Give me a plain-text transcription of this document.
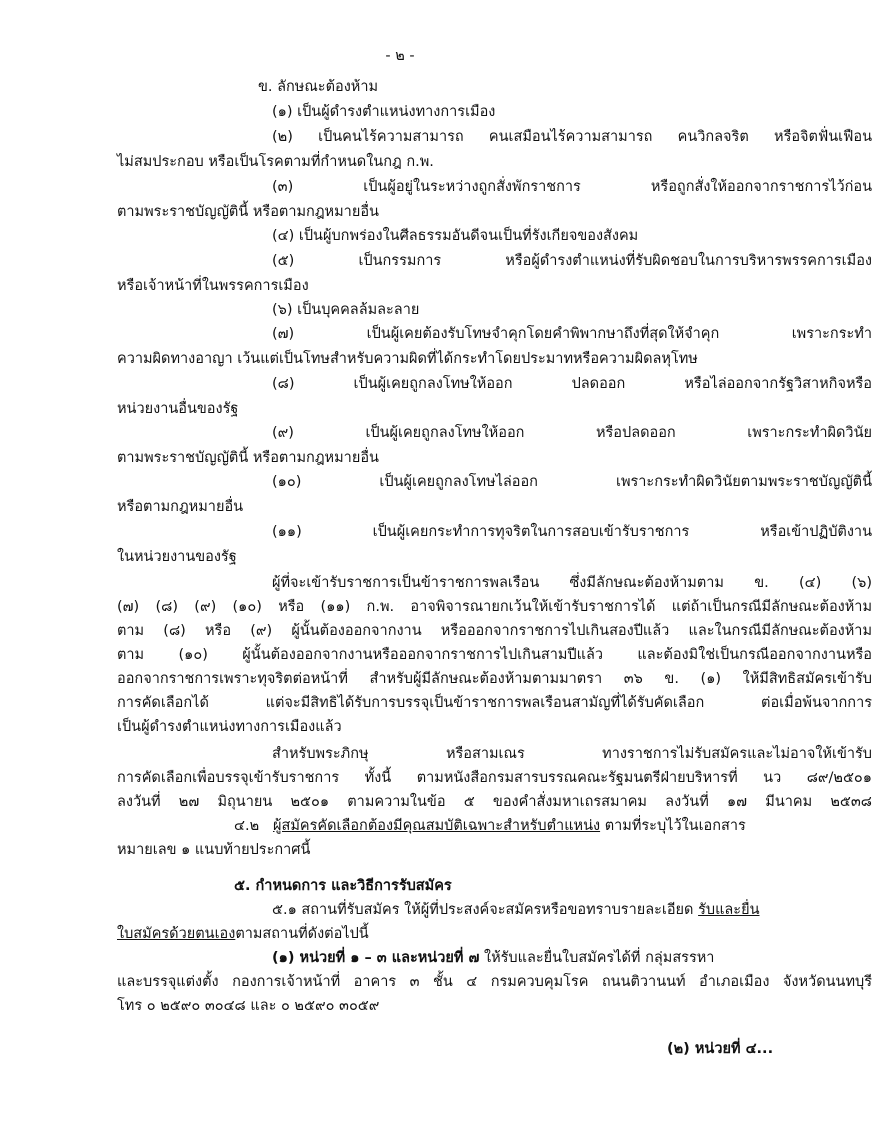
- ๒ -
ข. ลักษณะต้องห้าม
(๑) เป็นผู้ดำรงตำแหน่งทางการเมือง
(๒) เป็นคนไร้ความสามารถ คนเสมือนไร้ความสามารถ คนวิกลจริต หรือจิตฟั่นเฟือน
ไม่สมประกอบ หรือเป็นโรคตามที่กำหนดในกฎ ก.พ.
(๓) เป็นผู้อยู่ในระหว่างถูกสั่งพักราชการ หรือถูกสั่งให้ออกจากราชการไว้ก่อน
ตามพระราชบัญญัตินี้ หรือตามกฎหมายอื่น
(๔) เป็นผู้บกพร่องในศีลธรรมอันดีจนเป็นที่รังเกียจของสังคม
(๕) เป็นกรรมการ หรือผู้ดำรงตำแหน่งที่รับผิดชอบในการบริหารพรรคการเมือง
หรือเจ้าหน้าที่ในพรรคการเมือง
(๖) เป็นบุคคลล้มละลาย
(๗) เป็นผู้เคยต้องรับโทษจำคุกโดยคำพิพากษาถึงที่สุดให้จำคุก เพราะกระทำ
ความผิดทางอาญา เว้นแต่เป็นโทษสำหรับความผิดที่ได้กระทำโดยประมาทหรือความผิดลหุโทษ
(๘) เป็นผู้เคยถูกลงโทษให้ออก ปลดออก หรือไล่ออกจากรัฐวิสาหกิจหรือ
หน่วยงานอื่นของรัฐ
(๙) เป็นผู้เคยถูกลงโทษให้ออก หรือปลดออก เพราะกระทำผิดวินัย
ตามพระราชบัญญัตินี้ หรือตามกฎหมายอื่น
(๑๐) เป็นผู้เคยถูกลงโทษไล่ออก เพราะกระทำผิดวินัยตามพระราชบัญญัตินี้
หรือตามกฎหมายอื่น
(๑๑) เป็นผู้เคยกระทำการทุจริตในการสอบเข้ารับราชการ หรือเข้าปฏิบัติงาน
ในหน่วยงานของรัฐ
ผู้ที่จะเข้ารับราชการเป็นข้าราชการพลเรือน ซึ่งมีลักษณะต้องห้ามตาม ข. (๔) (๖)
(๗) (๘) (๙) (๑๐) หรือ (๑๑) ก.พ. อาจพิจารณายกเว้นให้เข้ารับราชการได้ แต่ถ้าเป็นกรณีมีลักษณะต้องห้าม
ตาม (๘) หรือ (๙) ผู้นั้นต้องออกจากงาน หรือออกจากราชการไปเกินสองปีแล้ว และในกรณีมีลักษณะต้องห้าม
ตาม (๑๐) ผู้นั้นต้องออกจากงานหรือออกจากราชการไปเกินสามปีแล้ว และต้องมิใช่เป็นกรณีออกจากงานหรือ
ออกจากราชการเพราะทุจริตต่อหน้าที่ สำหรับผู้มีลักษณะต้องห้ามตามมาตรา ๓๖ ข. (๑) ให้มีสิทธิสมัครเข้ารับ
การคัดเลือกได้ แต่จะมีสิทธิได้รับการบรรจุเป็นข้าราชการพลเรือนสามัญที่ได้รับคัดเลือก ต่อเมื่อพ้นจากการ
เป็นผู้ดำรงตำแหน่งทางการเมืองแล้ว
สำหรับพระภิกษุ หรือสามเณร ทางราชการไม่รับสมัครและไม่อาจให้เข้ารับ
การคัดเลือกเพื่อบรรจุเข้ารับราชการ ทั้งนี้ ตามหนังสือกรมสารบรรณคณะรัฐมนตรีฝ่ายบริหารที่ นว ๘๙/๒๕๐๑
ลงวันที่ ๒๗ มิถุนายน ๒๕๐๑ ตามความในข้อ ๕ ของคำสั่งมหาเถรสมาคม ลงวันที่ ๑๗ มีนาคม ๒๕๓๘
๔.๒ ผู้สมัครคัดเลือกต้องมีคุณสมบัติเฉพาะสำหรับตำแหน่ง ตามที่ระบุไว้ในเอกสาร
หมายเลข ๑ แนบท้ายประกาศนี้
๕. กำหนดการ และวิธีการรับสมัคร
๕.๑ สถานที่รับสมัคร ให้ผู้ที่ประสงค์จะสมัครหรือขอทราบรายละเอียด รับและยื่น
ใบสมัครด้วยตนเองตามสถานที่ดังต่อไปนี้
(๑) หน่วยที่ ๑ – ๓ และหน่วยที่ ๗ ให้รับและยื่นใบสมัครได้ที่ กลุ่มสรรหา
และบรรจุแต่งตั้ง กองการเจ้าหน้าที่ อาคาร ๓ ชั้น ๔ กรมควบคุมโรค ถนนติวานนท์ อำเภอเมือง จังหวัดนนทบุรี
โทร ๐ ๒๕๙๐ ๓๐๔๘ และ ๐ ๒๕๙๐ ๓๐๕๙
(๒) หน่วยที่ ๔...
